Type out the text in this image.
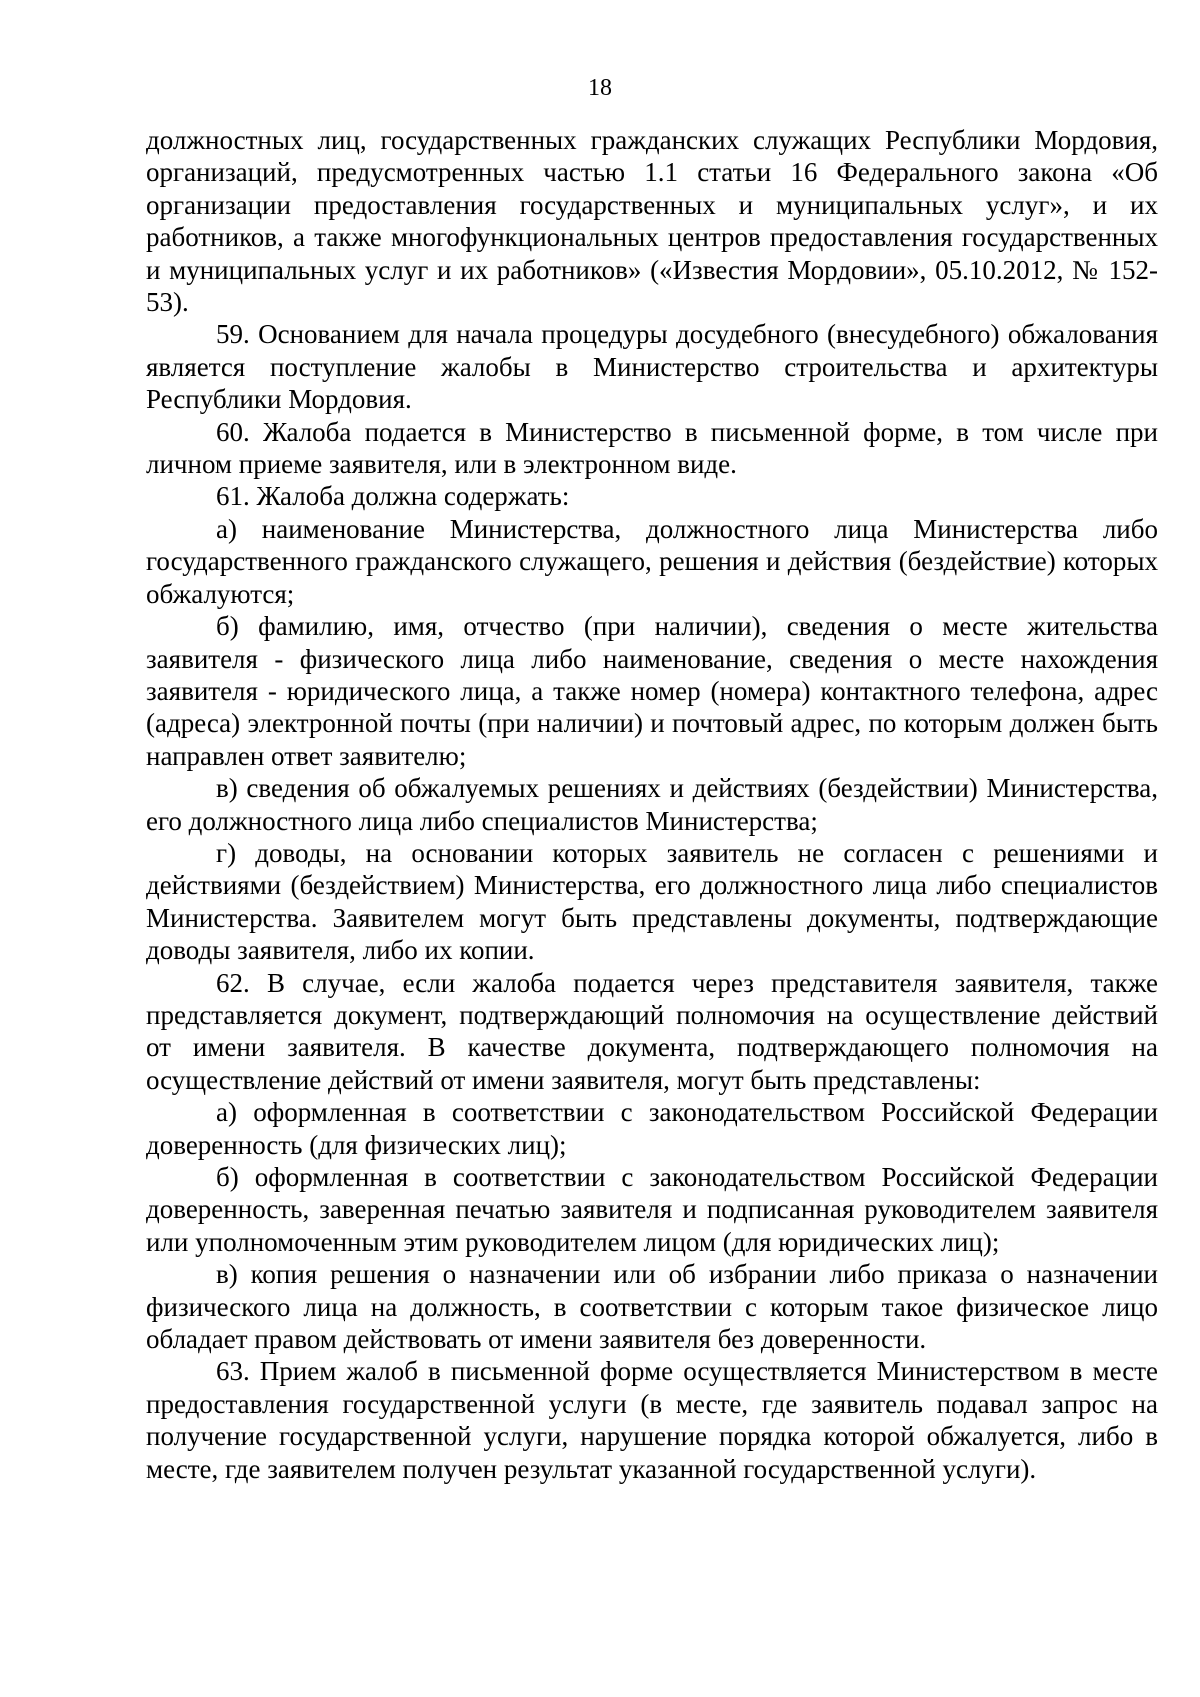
18

должностных лиц, государственных гражданских служащих Республики Мордовия, организаций, предусмотренных частью 1.1 статьи 16 Федерального закона «Об организации предоставления государственных и муниципальных услуг», и их работников, а также многофункциональных центров предоставления государственных и муниципальных услуг и их работников» («Известия Мордовии», 05.10.2012, № 152-53).

59. Основанием для начала процедуры досудебного (внесудебного) обжалования является поступление жалобы в Министерство строительства и архитектуры Республики Мордовия.

60. Жалоба подается в Министерство в письменной форме, в том числе при личном приеме заявителя, или в электронном виде.

61. Жалоба должна содержать:

а) наименование Министерства, должностного лица Министерства либо государственного гражданского служащего, решения и действия (бездействие) которых обжалуются;

б) фамилию, имя, отчество (при наличии), сведения о месте жительства заявителя - физического лица либо наименование, сведения о месте нахождения заявителя - юридического лица, а также номер (номера) контактного телефона, адрес (адреса) электронной почты (при наличии) и почтовый адрес, по которым должен быть направлен ответ заявителю;

в) сведения об обжалуемых решениях и действиях (бездействии) Министерства, его должностного лица либо специалистов Министерства;

г) доводы, на основании которых заявитель не согласен с решениями и действиями (бездействием) Министерства, его должностного лица либо специалистов Министерства. Заявителем могут быть представлены документы, подтверждающие доводы заявителя, либо их копии.

62. В случае, если жалоба подается через представителя заявителя, также представляется документ, подтверждающий полномочия на осуществление действий от имени заявителя. В качестве документа, подтверждающего полномочия на осуществление действий от имени заявителя, могут быть представлены:

а) оформленная в соответствии с законодательством Российской Федерации доверенность (для физических лиц);

б) оформленная в соответствии с законодательством Российской Федерации доверенность, заверенная печатью заявителя и подписанная руководителем заявителя или уполномоченным этим руководителем лицом (для юридических лиц);

в) копия решения о назначении или об избрании либо приказа о назначении физического лица на должность, в соответствии с которым такое физическое лицо обладает правом действовать от имени заявителя без доверенности.

63. Прием жалоб в письменной форме осуществляется Министерством в месте предоставления государственной услуги (в месте, где заявитель подавал запрос на получение государственной услуги, нарушение порядка которой обжалуется, либо в месте, где заявителем получен результат указанной государственной услуги).
